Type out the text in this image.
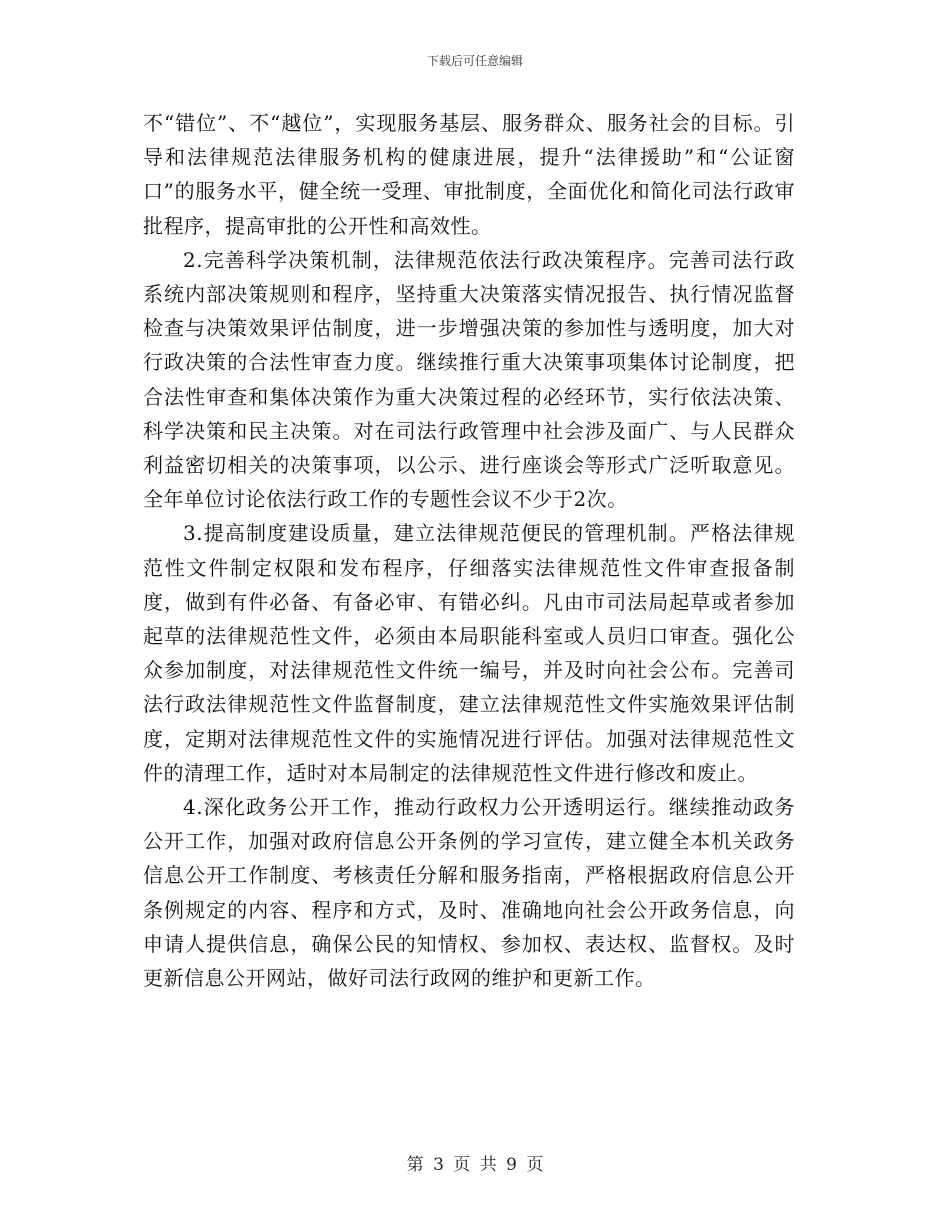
下载后可任意编辑

不“错位”、不“越位”，实现服务基层、服务群众、服务社会的目标。引导和法律规范法律服务机构的健康进展，提升“法律援助”和“公证窗口”的服务水平，健全统一受理、审批制度，全面优化和简化司法行政审批程序，提高审批的公开性和高效性。

2.完善科学决策机制，法律规范依法行政决策程序。完善司法行政系统内部决策规则和程序，坚持重大决策落实情况报告、执行情况监督检查与决策效果评估制度，进一步增强决策的参加性与透明度，加大对行政决策的合法性审查力度。继续推行重大决策事项集体讨论制度，把合法性审查和集体决策作为重大决策过程的必经环节，实行依法决策、科学决策和民主决策。对在司法行政管理中社会涉及面广、与人民群众利益密切相关的决策事项，以公示、进行座谈会等形式广泛听取意见。全年单位讨论依法行政工作的专题性会议不少于2次。

3.提高制度建设质量，建立法律规范便民的管理机制。严格法律规范性文件制定权限和发布程序，仔细落实法律规范性文件审查报备制度，做到有件必备、有备必审、有错必纠。凡由市司法局起草或者参加起草的法律规范性文件，必须由本局职能科室或人员归口审查。强化公众参加制度，对法律规范性文件统一编号，并及时向社会公布。完善司法行政法律规范性文件监督制度，建立法律规范性文件实施效果评估制度，定期对法律规范性文件的实施情况进行评估。加强对法律规范性文件的清理工作，适时对本局制定的法律规范性文件进行修改和废止。

4.深化政务公开工作，推动行政权力公开透明运行。继续推动政务公开工作，加强对政府信息公开条例的学习宣传，建立健全本机关政务信息公开工作制度、考核责任分解和服务指南，严格根据政府信息公开条例规定的内容、程序和方式，及时、准确地向社会公开政务信息，向申请人提供信息，确保公民的知情权、参加权、表达权、监督权。及时更新信息公开网站，做好司法行政网的维护和更新工作。

第 3 页 共 9 页
